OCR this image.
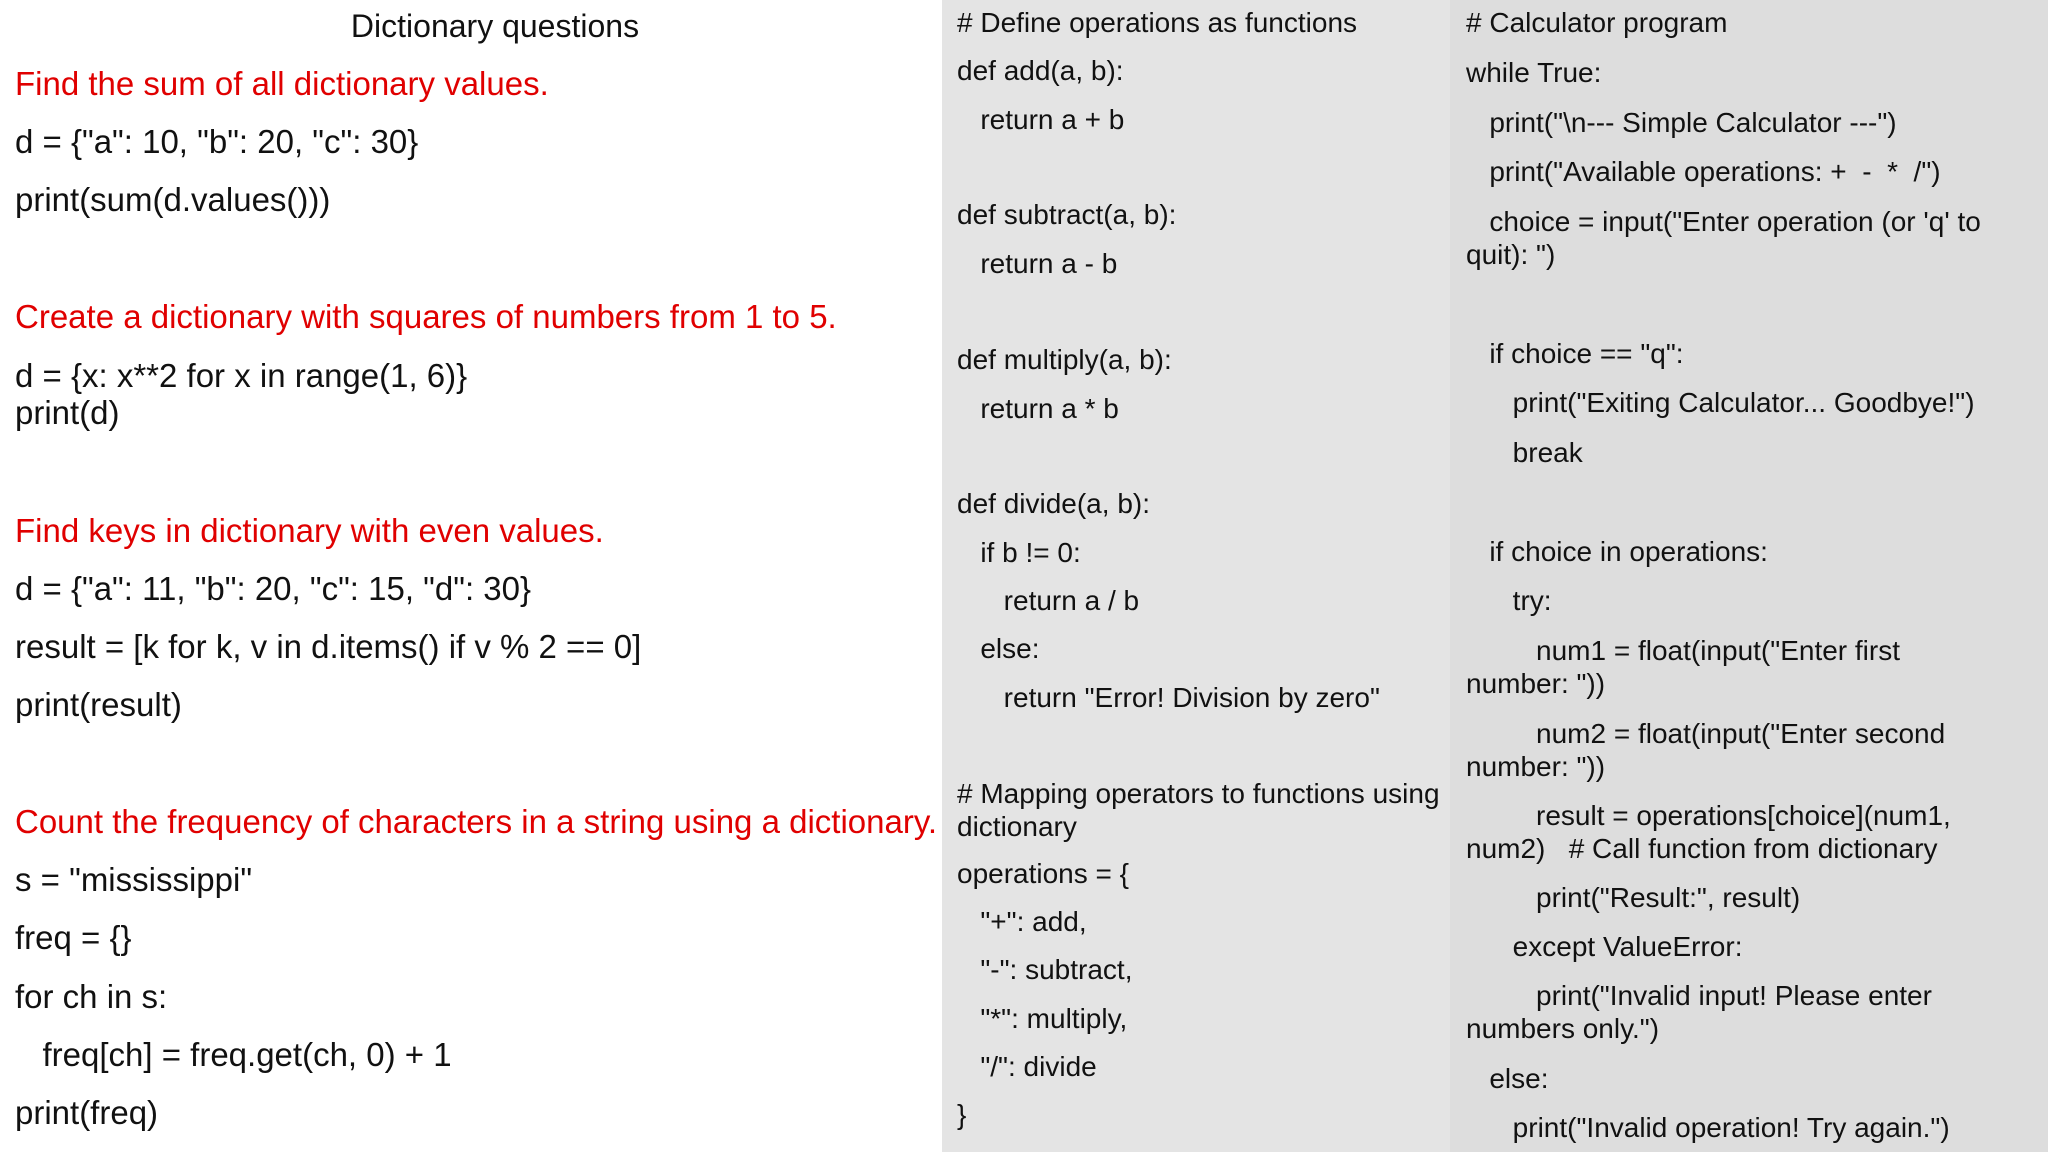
Dictionary questions
Find the sum of all dictionary values.
d = {"a": 10, "b": 20, "c": 30}
print(sum(d.values()))
Create a dictionary with squares of numbers from 1 to 5.
d = {x: x**2 for x in range(1, 6)}
print(d)
Find keys in dictionary with even values.
d = {"a": 11, "b": 20, "c": 15, "d": 30}
result = [k for k, v in d.items() if v % 2 == 0]
print(result)
Count the frequency of characters in a string using a dictionary.
s = "mississippi"
freq = {}
for ch in s:
freq[ch] = freq.get(ch, 0) + 1
print(freq)
# Define operations as functions
def add(a, b):
return a + b
def subtract(a, b):
return a - b
def multiply(a, b):
return a * b
def divide(a, b):
if b != 0:
return a / b
else:
return "Error! Division by zero"
# Mapping operators to functions using
dictionary
operations = {
"+": add,
"-": subtract,
"*": multiply,
"/": divide
}
# Calculator program
while True:
print("\n--- Simple Calculator ---")
print("Available operations: +  -  *  /")
choice = input("Enter operation (or 'q' to
quit): ")
if choice == "q":
print("Exiting Calculator... Goodbye!")
break
if choice in operations:
try:
num1 = float(input("Enter first
number: "))
num2 = float(input("Enter second
number: "))
result = operations[choice](num1,
num2)   # Call function from dictionary
print("Result:", result)
except ValueError:
print("Invalid input! Please enter
numbers only.")
else:
print("Invalid operation! Try again.")
